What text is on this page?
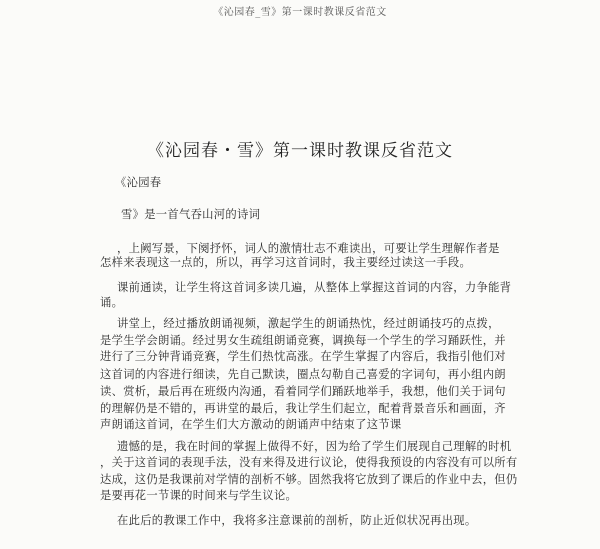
《沁园春_雪》第一课时教课反省范文
《沁园春・雪》第一课时教课反省范文
《沁园春
雪》是一首气吞山河的诗词
，上阙写景，下阕抒怀，词人的激情壮志不难读出，可要让学生理解作者是
怎样来表现这一点的，所以，再学习这首词时，我主要经过读这一手段。
课前通读，让学生将这首词多读几遍，从整体上掌握这首词的内容，力争能背
诵。
讲堂上，经过播放朗诵视频，激起学生的朗诵热忱，经过朗诵技巧的点拨，
是学生学会朗诵。经过男女生疏组朗诵竞赛，调换每一个学生的学习踊跃性，并
进行了三分钟背诵竞赛，学生们热忱高涨。在学生掌握了内容后，我指引他们对
这首词的内容进行细读，先自己默读，圈点勾勒自己喜爱的字词句，再小组内朗
读、赏析，最后再在班级内沟通，看着同学们踊跃地举手，我想，他们关于词句
的理解仍是不错的，再讲堂的最后，我让学生们起立，配着背景音乐和画面，齐
声朗诵这首词，在学生们大方激动的朗诵声中结束了这节课
遗憾的是，我在时间的掌握上做得不好，因为给了学生们展现自己理解的时机
，关于这首词的表现手法，没有来得及进行议论，使得我预设的内容没有可以所有
达成，这仍是我课前对学情的剖析不够。固然我将它放到了课后的作业中去，但仍
是要再花一节课的时间来与学生议论。
在此后的教课工作中，我将多注意课前的剖析，防止近似状况再出现。
